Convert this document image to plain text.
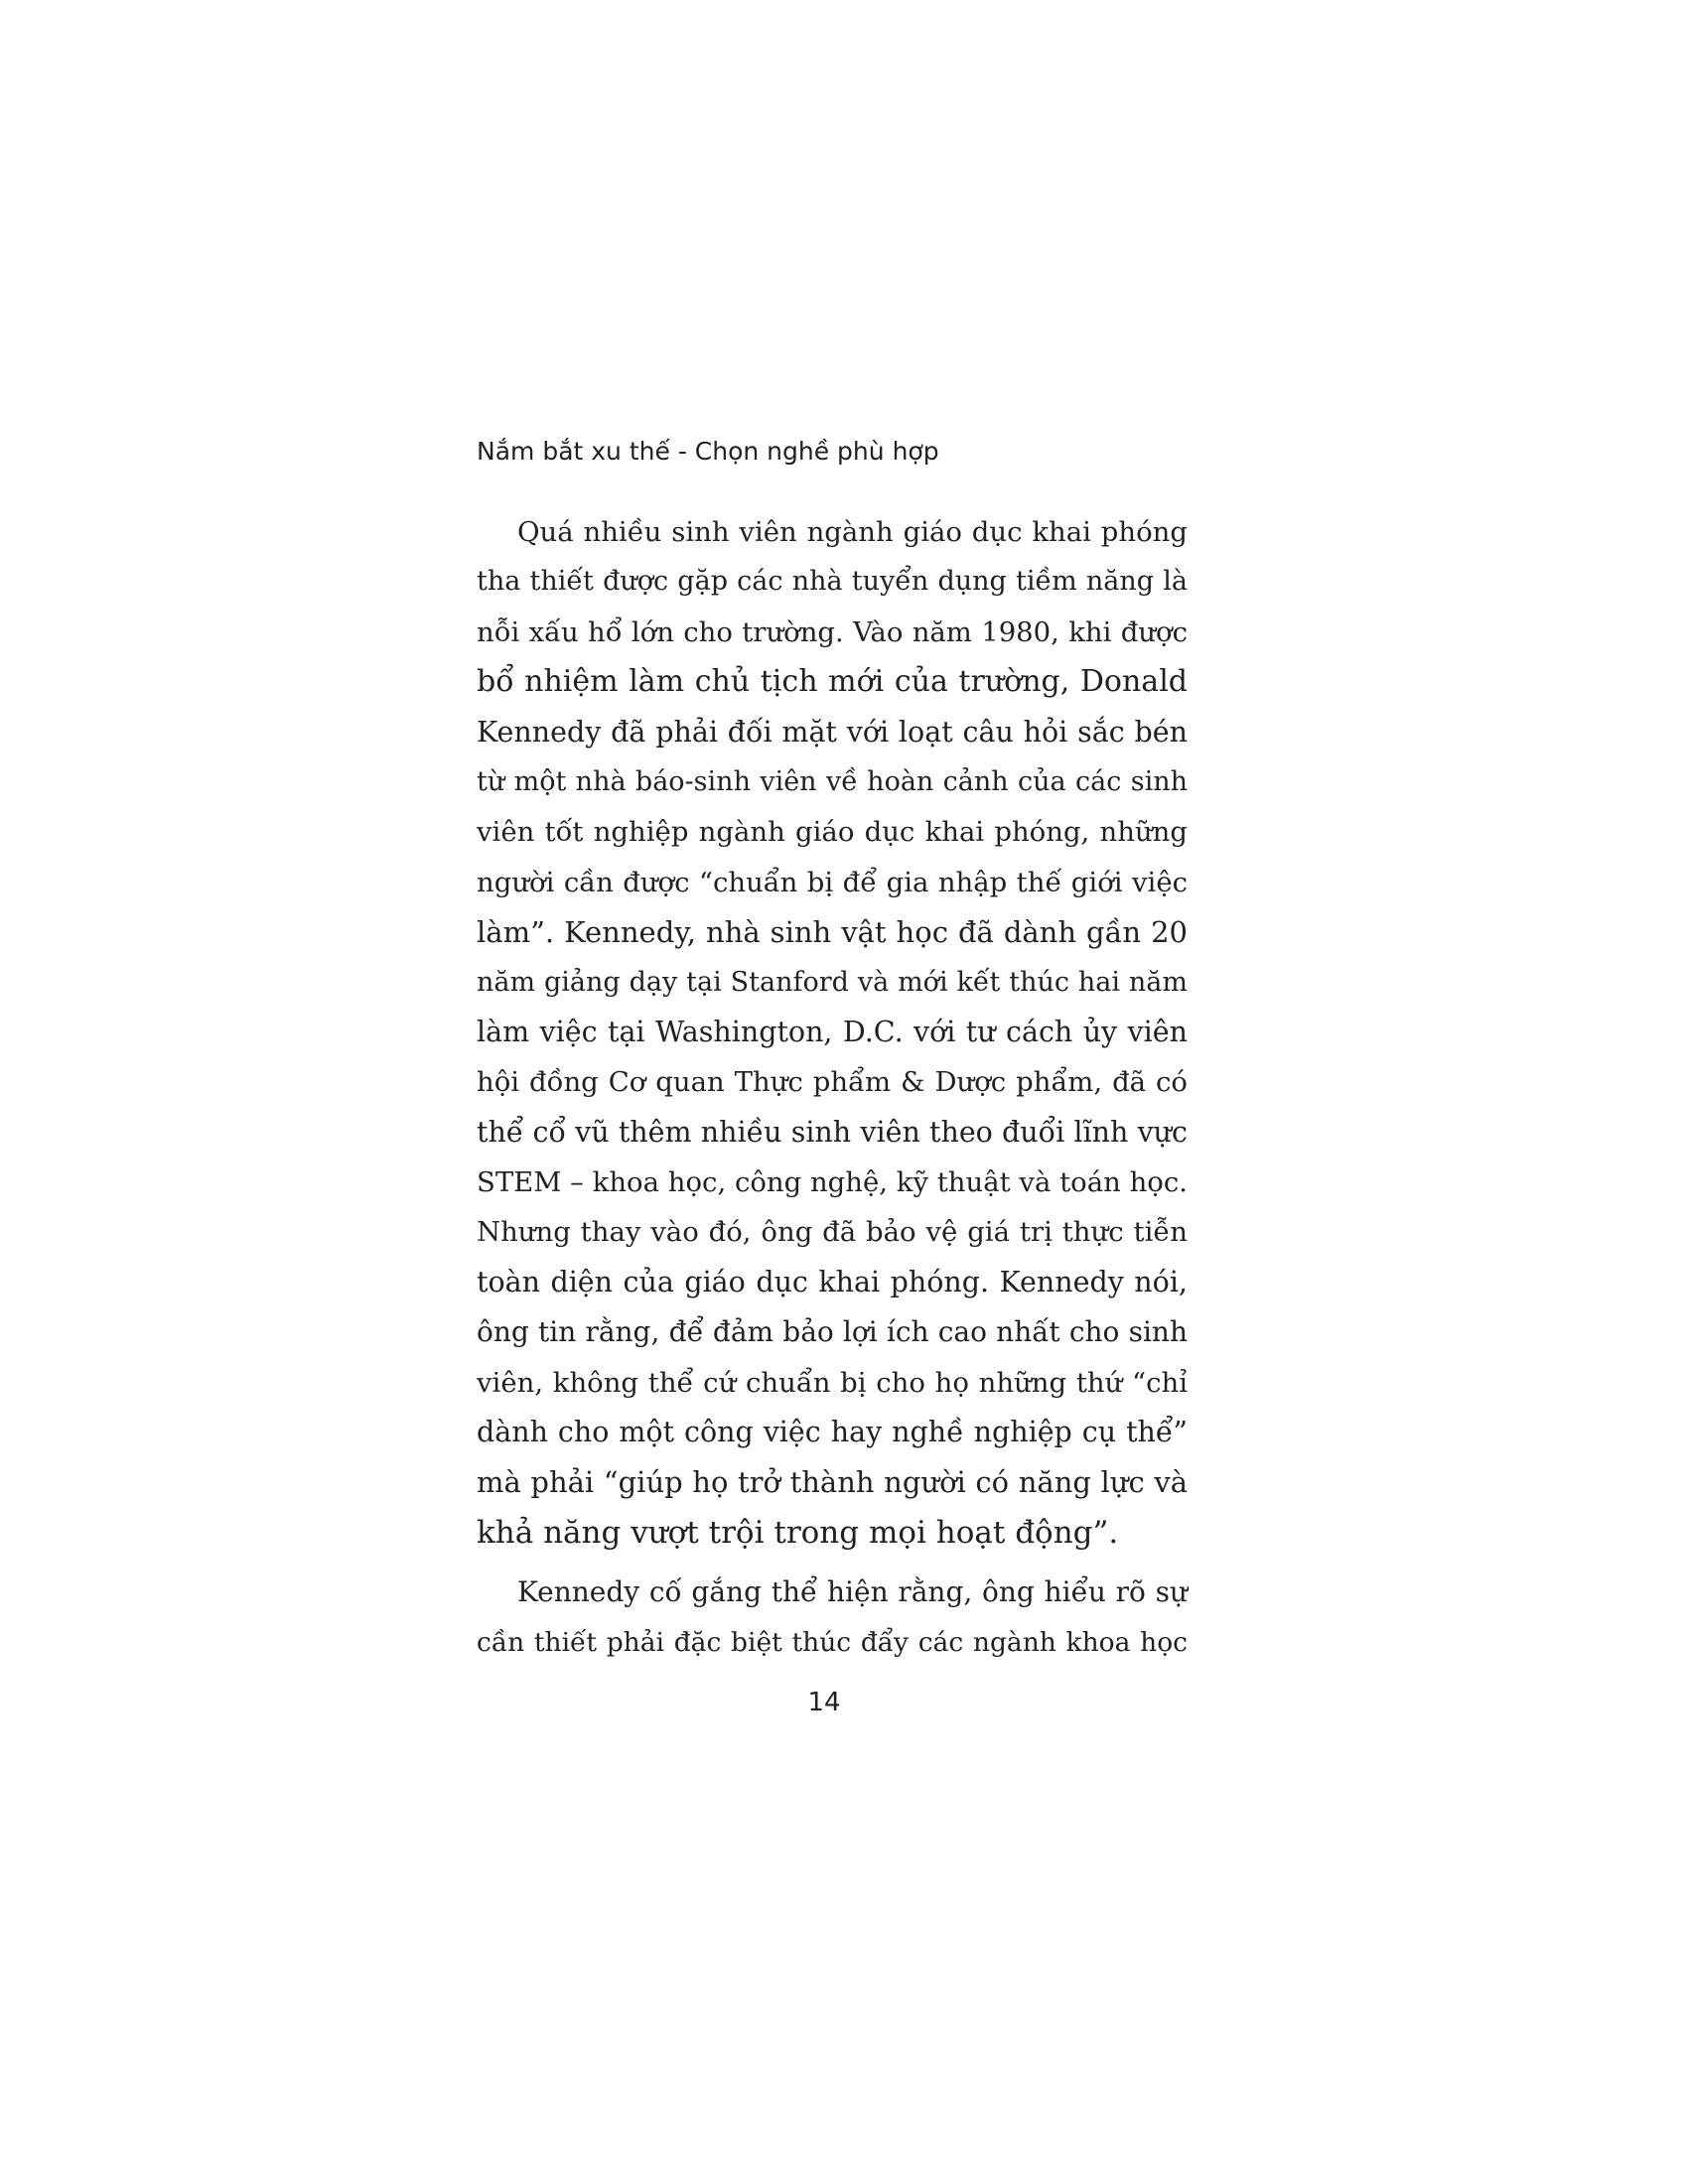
Nắm bắt xu thế - Chọn nghề phù hợp
Quá nhiều sinh viên ngành giáo dục khai phóng
tha thiết được gặp các nhà tuyển dụng tiềm năng là
nỗi xấu hổ lớn cho trường. Vào năm 1980, khi được
bổ nhiệm làm chủ tịch mới của trường, Donald
Kennedy đã phải đối mặt với loạt câu hỏi sắc bén
từ một nhà báo-sinh viên về hoàn cảnh của các sinh
viên tốt nghiệp ngành giáo dục khai phóng, những
người cần được “chuẩn bị để gia nhập thế giới việc
làm”. Kennedy, nhà sinh vật học đã dành gần 20
năm giảng dạy tại Stanford và mới kết thúc hai năm
làm việc tại Washington, D.C. với tư cách ủy viên
hội đồng Cơ quan Thực phẩm & Dược phẩm, đã có
thể cổ vũ thêm nhiều sinh viên theo đuổi lĩnh vực
STEM – khoa học, công nghệ, kỹ thuật và toán học.
Nhưng thay vào đó, ông đã bảo vệ giá trị thực tiễn
toàn diện của giáo dục khai phóng. Kennedy nói,
ông tin rằng, để đảm bảo lợi ích cao nhất cho sinh
viên, không thể cứ chuẩn bị cho họ những thứ “chỉ
dành cho một công việc hay nghề nghiệp cụ thể”
mà phải “giúp họ trở thành người có năng lực và
khả năng vượt trội trong mọi hoạt động”.
Kennedy cố gắng thể hiện rằng, ông hiểu rõ sự
cần thiết phải đặc biệt thúc đẩy các ngành khoa học
14
